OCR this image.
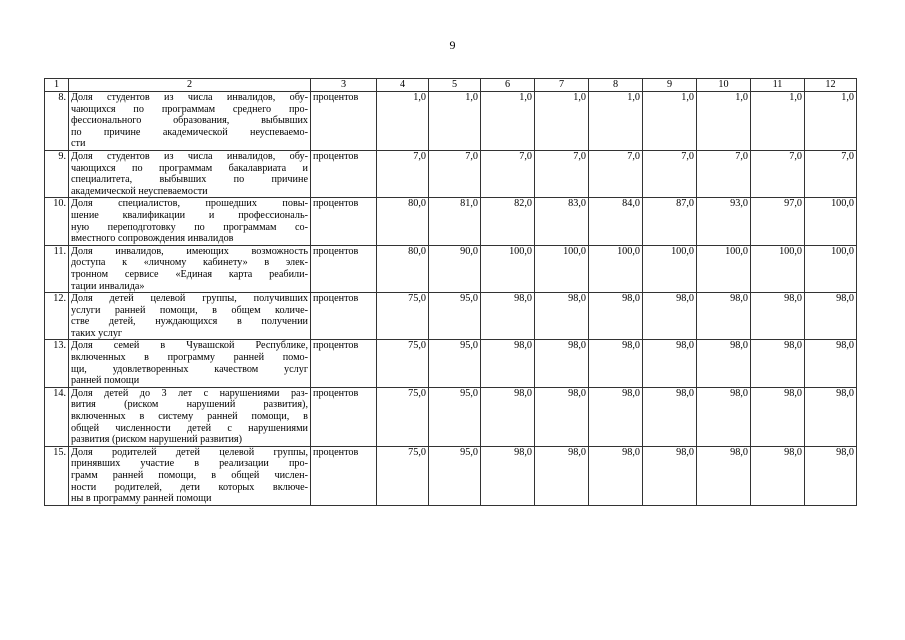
9
1	2	3	4	5	6	7	8	9	10	11	12
8.	Доля студентов из числа инвалидов, обу-
чающихся по программам среднего про-
фессионального образования, выбывших
по причине академической неуспеваемо-
сти	процентов	1,0	1,0	1,0	1,0	1,0	1,0	1,0	1,0	1,0
9.	Доля студентов из числа инвалидов, обу-
чающихся по программам бакалавриата и
специалитета, выбывших по причине
академической неуспеваемости	процентов	7,0	7,0	7,0	7,0	7,0	7,0	7,0	7,0	7,0
10.	Доля специалистов, прошедших повы-
шение квалификации и профессиональ-
ную переподготовку по программам со-
вместного сопровождения инвалидов	процентов	80,0	81,0	82,0	83,0	84,0	87,0	93,0	97,0	100,0
11.	Доля инвалидов, имеющих возможность
доступа к «личному кабинету» в элек-
тронном сервисе «Единая карта реабили-
тации инвалида»	процентов	80,0	90,0	100,0	100,0	100,0	100,0	100,0	100,0	100,0
12.	Доля детей целевой группы, получивших
услуги ранней помощи, в общем количе-
стве детей, нуждающихся в получении
таких услуг	процентов	75,0	95,0	98,0	98,0	98,0	98,0	98,0	98,0	98,0
13.	Доля семей в Чувашской Республике,
включенных в программу ранней помо-
щи, удовлетворенных качеством услуг
ранней помощи	процентов	75,0	95,0	98,0	98,0	98,0	98,0	98,0	98,0	98,0
14.	Доля детей до 3 лет с нарушениями раз-
вития (риском нарушений развития),
включенных в систему ранней помощи, в
общей численности детей с нарушениями
развития (риском нарушений развития)	процентов	75,0	95,0	98,0	98,0	98,0	98,0	98,0	98,0	98,0
15.	Доля родителей детей целевой группы,
принявших участие в реализации про-
грамм ранней помощи, в общей числен-
ности родителей, дети которых включе-
ны в программу ранней помощи	процентов	75,0	95,0	98,0	98,0	98,0	98,0	98,0	98,0	98,0
